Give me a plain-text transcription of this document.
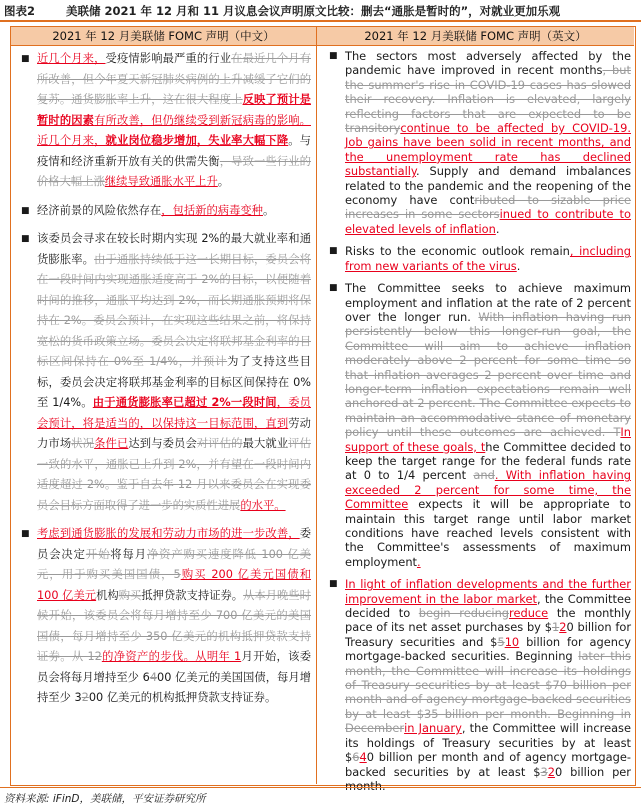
图表2	美联储 2021 年 12 月和 11 月议息会议声明原文比较：删去“通胀是暂时的”，对就业更加乐观
2021 年 12 月美联储 FOMC 声明（中文）	2021 年 12 月美联储 FOMC 声明（英文）
■ 近几个月来，受疫情影响最严重的行业在最近几个月有所改善，但今年夏天新冠肺炎病例的上升减缓了它们的复苏。通货膨胀率上升，这在很大程度上反映了预计是暂时的因素有所改善，但仍继续受到新冠病毒的影响。近几个月来，就业岗位稳步增加，失业率大幅下降。与疫情和经济重新开放有关的供需失衡，导致一些行业的价格大幅上涨继续导致通胀水平上升。
■ 经济前景的风险依然存在，包括新的病毒变种。
■ 该委员会寻求在较长时期内实现 2%的最大就业率和通货膨胀率。由于通胀持续低于这一长期目标，委员会将在一段时间内实现通胀适度高于 2%的目标，以便随着时间的推移，通胀平均达到 2%，而长期通胀预期将保持在 2%。委员会预计，在实现这些结果之前，将保持宽松的货币政策立场。委员会决定将联邦基金利率的目标区间保持在 0%至 1/4%，并预计为了支持这些目标，委员会决定将联邦基金利率的目标区间保持在 0%至 1/4%。由于通货膨胀率已超过 2%一段时间，委员会预计，将是适当的，以保持这一目标范围，直到劳动力市场状况条件已达到与委员会对评估的最大就业评估一致的水平，通胀已上升到 2%，并有望在一段时间内适度超过 2%。鉴于自去年 12 月以来委员会在实现委员会目标方面取得了进一步的实质性进展的水平。
■ 考虑到通货膨胀的发展和劳动力市场的进一步改善，委员会决定开始将每月净资产购买速度降低 100 亿美元，用于购买美国国债，5购买 200 亿美元国债和 100 亿美元机构购买抵押贷款支持证券。从本月晚些时候开始，该委员会将每月增持至少 700 亿美元的美国国债，每月增持至少 350 亿美元的机构抵押贷款支持证券。从 12的净资产的步伐。从明年 1月开始，该委员会将每月增持至少 6400 亿美元的美国国债，每月增持至少 3200 亿美元的机构抵押贷款支持证券。
■ The sectors most adversely affected by the pandemic have improved in recent months, but the summer's rise in COVID-19 cases has slowed their recovery. Inflation is elevated, largely reflecting factors that are expected to be transitorycontinue to be affected by COVID-19. Job gains have been solid in recent months, and the unemployment rate has declined substantially. Supply and demand imbalances related to the pandemic and the reopening of the economy have contributed to sizable price increases in some sectorsinued to contribute to elevated levels of inflation.
■ Risks to the economic outlook remain, including from new variants of the virus.
■ The Committee seeks to achieve maximum employment and inflation at the rate of 2 percent over the longer run. With inflation having run persistently below this longer-run goal, the Committee will aim to achieve inflation moderately above 2 percent for some time so that inflation averages 2 percent over time and longer-term inflation expectations remain well anchored at 2 percent. The Committee expects to maintain an accommodative stance of monetary policy until these outcomes are achieved. TIn support of these goals, the Committee decided to keep the target range for the federal funds rate at 0 to 1/4 percent and. With inflation having exceeded 2 percent for some time, the Committee expects it will be appropriate to maintain this target range until labor market conditions have reached levels consistent with the Committee's assessments of maximum employment.
■ In light of inflation developments and the further improvement in the labor market, the Committee decided to begin reducingreduce the monthly pace of its net asset purchases by $120 billion for Treasury securities and $510 billion for agency mortgage-backed securities. Beginning later this month, the Committee will increase its holdings of Treasury securities by at least $70 billion per month and of agency mortgage-backed securities by at least $35 billion per month. Beginning in Decemberin January, the Committee will increase its holdings of Treasury securities by at least $640 billion per month and of agency mortgage-backed securities by at least $320 billion per month.
资料来源: iFinD，美联储，平安证券研究所
